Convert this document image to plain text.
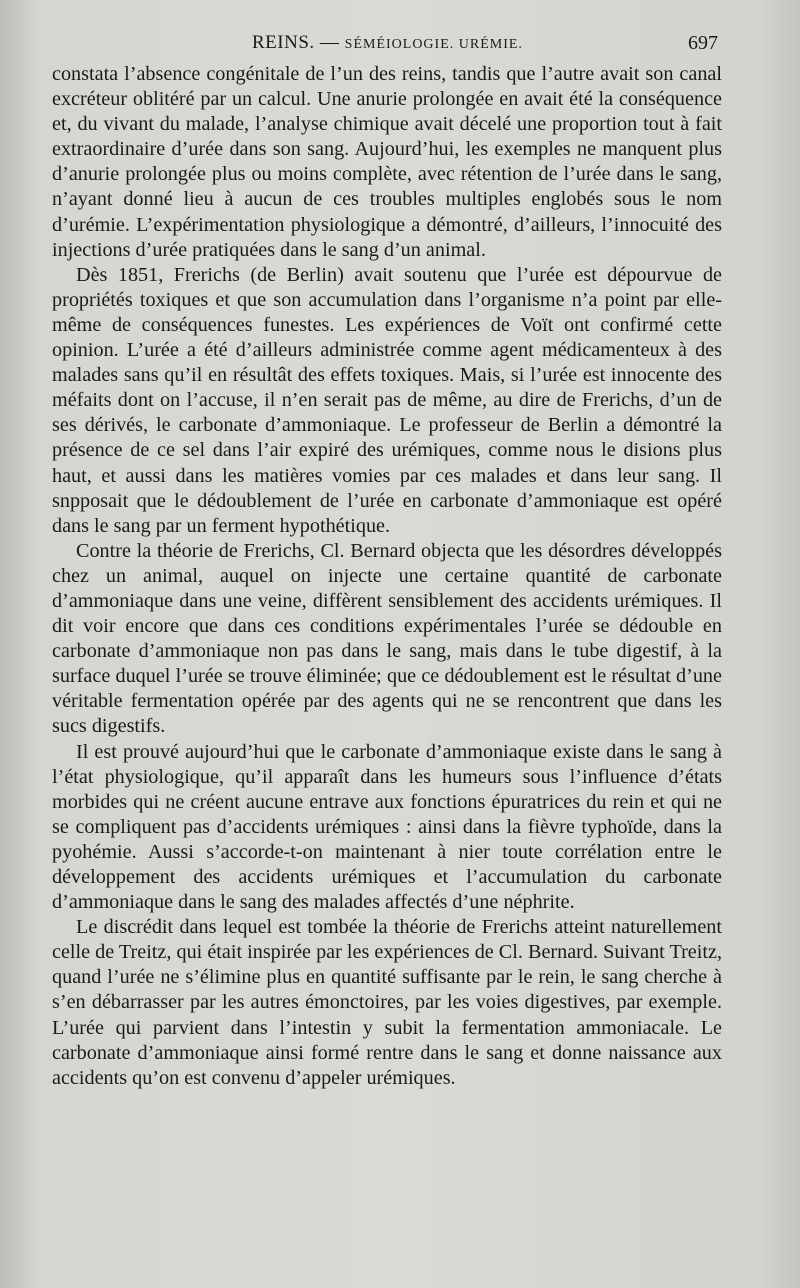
REINS. — SÉMÉIOLOGIE. URÉMIE.	697

constata l’absence congénitale de l’un des reins, tandis que l’autre avait son canal excréteur oblitéré par un calcul. Une anurie prolongée en avait été la conséquence et, du vivant du malade, l’analyse chimique avait décelé une proportion tout à fait extraordinaire d’urée dans son sang. Aujourd’hui, les exemples ne manquent plus d’anurie prolongée plus ou moins complète, avec rétention de l’urée dans le sang, n’ayant donné lieu à aucun de ces troubles multiples englobés sous le nom d’urémie. L’expérimentation physiologique a démontré, d’ailleurs, l’innocuité des injections d’urée pratiquées dans le sang d’un animal.

Dès 1851, Frerichs (de Berlin) avait soutenu que l’urée est dépourvue de propriétés toxiques et que son accumulation dans l’organisme n’a point par elle-même de conséquences funestes. Les expériences de Voït ont confirmé cette opinion. L’urée a été d’ailleurs administrée comme agent médicamenteux à des malades sans qu’il en résultât des effets toxiques. Mais, si l’urée est innocente des méfaits dont on l’accuse, il n’en serait pas de même, au dire de Frerichs, d’un de ses dérivés, le carbonate d’ammoniaque. Le professeur de Berlin a démontré la présence de ce sel dans l’air expiré des urémiques, comme nous le disions plus haut, et aussi dans les matières vomies par ces malades et dans leur sang. Il snpposait que le dédoublement de l’urée en carbonate d’ammoniaque est opéré dans le sang par un ferment hypothétique.

Contre la théorie de Frerichs, Cl. Bernard objecta que les désordres développés chez un animal, auquel on injecte une certaine quantité de carbonate d’ammoniaque dans une veine, diffèrent sensiblement des accidents urémiques. Il dit voir encore que dans ces conditions expérimentales l’urée se dédouble en carbonate d’ammoniaque non pas dans le sang, mais dans le tube digestif, à la surface duquel l’urée se trouve éliminée; que ce dédoublement est le résultat d’une véritable fermentation opérée par des agents qui ne se rencontrent que dans les sucs digestifs.

Il est prouvé aujourd’hui que le carbonate d’ammoniaque existe dans le sang à l’état physiologique, qu’il apparaît dans les humeurs sous l’influence d’états morbides qui ne créent aucune entrave aux fonctions épuratrices du rein et qui ne se compliquent pas d’accidents urémiques : ainsi dans la fièvre typhoïde, dans la pyohémie. Aussi s’accorde-t-on maintenant à nier toute corrélation entre le développement des accidents urémiques et l’accumulation du carbonate d’ammoniaque dans le sang des malades affectés d’une néphrite.

Le discrédit dans lequel est tombée la théorie de Frerichs atteint naturellement celle de Treitz, qui était inspirée par les expériences de Cl. Bernard. Suivant Treitz, quand l’urée ne s’élimine plus en quantité suffisante par le rein, le sang cherche à s’en débarrasser par les autres émonctoires, par les voies digestives, par exemple. L’urée qui parvient dans l’intestin y subit la fermentation ammoniacale. Le carbonate d’ammoniaque ainsi formé rentre dans le sang et donne naissance aux accidents qu’on est convenu d’appeler urémiques.
